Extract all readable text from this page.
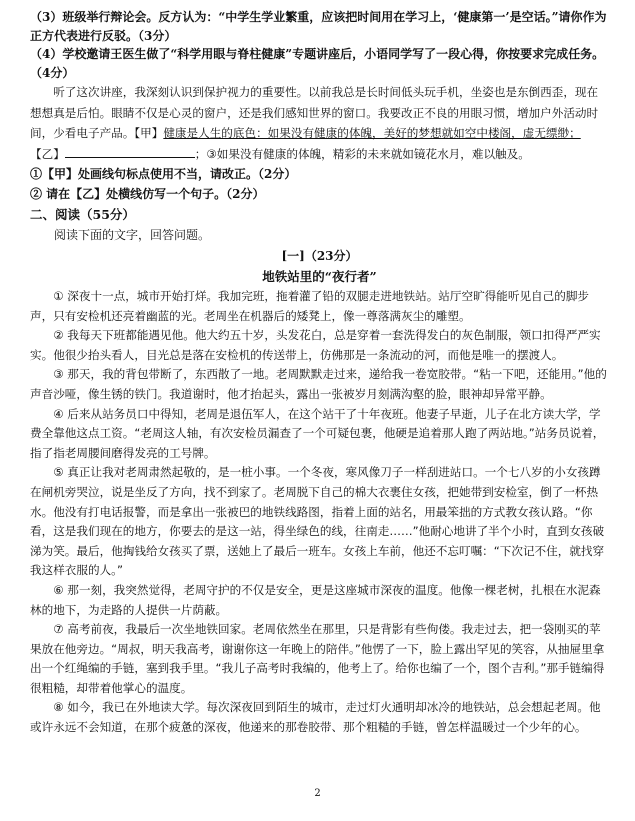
（3）班级举行辩论会。反方认为：“中学生学业繁重，应该把时间用在学习上，‘健康第一’是空话。”请你作为正方代表进行反驳。（3分）

（4）学校邀请王医生做了“科学用眼与脊柱健康”专题讲座后，小语同学写了一段心得，你按要求完成任务。（4分）

听了这次讲座，我深刻认识到保护视力的重要性。以前我总是长时间低头玩手机，坐姿也是东倒西歪，现在想想真是后怕。眼睛不仅是心灵的窗户，还是我们感知世界的窗口。我要改正不良的用眼习惯，增加户外活动时间，少看电子产品。【甲】健康是人生的底色：如果没有健康的体魄，美好的梦想就如空中楼阁，虚无缥缈；【乙】	；③如果没有健康的体魄，精彩的未来就如镜花水月，难以触及。

①【甲】处画线句标点使用不当，请改正。（2分）

② 请在【乙】处横线仿写一个句子。（2分）

二、阅读（55分）

阅读下面的文字，回答问题。

[一]（23分）
地铁站里的“夜行者”

① 深夜十一点，城市开始打烊。我加完班，拖着灌了铅的双腿走进地铁站。站厅空旷得能听见自己的脚步声，只有安检机还亮着幽蓝的光。老周坐在机器后的矮凳上，像一尊落满灰尘的雕塑。

② 我每天下班都能遇见他。他大约五十岁，头发花白，总是穿着一套洗得发白的灰色制服，领口扣得严严实实。他很少抬头看人，目光总是落在安检机的传送带上，仿佛那是一条流动的河，而他是唯一的摆渡人。

③ 那天，我的背包带断了，东西散了一地。老周默默走过来，递给我一卷宽胶带。“粘一下吧，还能用。”他的声音沙哑，像生锈的铁门。我道谢时，他才抬起头，露出一张被岁月刻满沟壑的脸，眼神却异常平静。

④ 后来从站务员口中得知，老周是退伍军人，在这个站干了十年夜班。他妻子早逝，儿子在北方读大学，学费全靠他这点工资。“老周这人轴，有次安检员漏查了一个可疑包裹，他硬是追着那人跑了两站地。”站务员说着，指了指老周腰间磨得发亮的工号牌。

⑤ 真正让我对老周肃然起敬的，是一桩小事。一个冬夜，寒风像刀子一样刮进站口。一个七八岁的小女孩蹲在闸机旁哭泣，说是坐反了方向，找不到家了。老周脱下自己的棉大衣裹住女孩，把她带到安检室，倒了一杯热水。他没有打电话报警，而是拿出一张被巴的地铁线路图，指着上面的站名，用最笨拙的方式教女孩认路。“你看，这是我们现在的地方，你要去的是这一站，得坐绿色的线，往南走……”他耐心地讲了半个小时，直到女孩破涕为笑。最后，他掏钱给女孩买了票，送她上了最后一班车。女孩上车前，他还不忘叮嘱：“下次记不住，就找穿我这样衣服的人。”

⑥ 那一刻，我突然觉得，老周守护的不仅是安全，更是这座城市深夜的温度。他像一棵老树，扎根在水泥森林的地下，为走路的人提供一片荫蔽。

⑦ 高考前夜，我最后一次坐地铁回家。老周依然坐在那里，只是背影有些佝偻。我走过去，把一袋刚买的苹果放在他旁边。“周叔，明天我高考，谢谢你这一年晚上的陪伴。”他愣了一下，脸上露出罕见的笑容，从抽屉里拿出一个红绳编的手链，塞到我手里。“我儿子高考时我编的，他考上了。给你也编了一个，图个吉利。”那手链编得很粗糙，却带着他掌心的温度。

⑧ 如今，我已在外地读大学。每次深夜回到陌生的城市，走过灯火通明却冰冷的地铁站，总会想起老周。他或许永远不会知道，在那个疲惫的深夜，他递来的那卷胶带、那个粗糙的手链，曾怎样温暖过一个少年的心。

2
